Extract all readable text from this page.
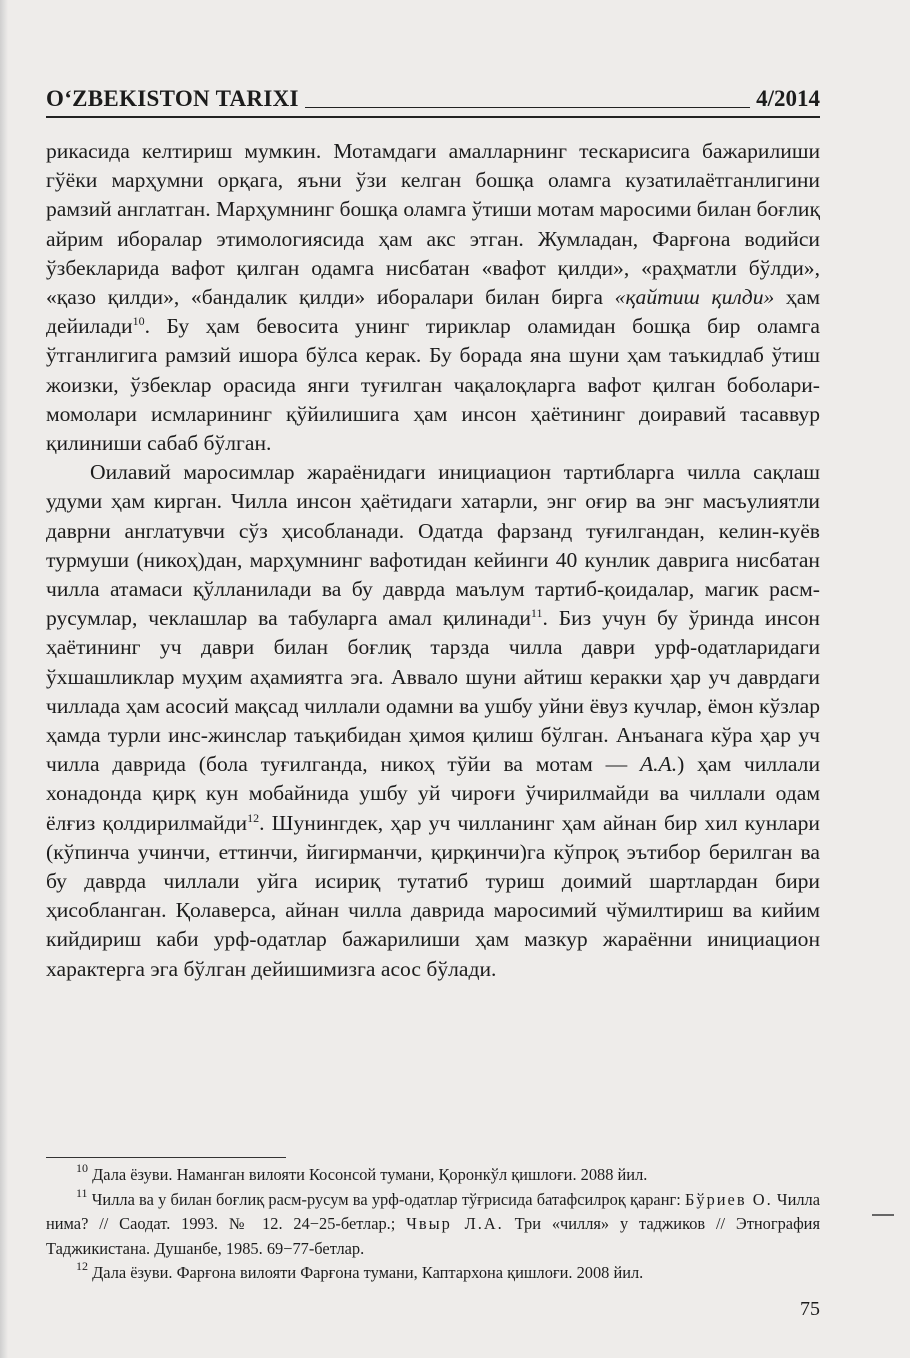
O‘ZBEKISTON TARIXI	4/2014

рикасида келтириш мумкин. Мотамдаги амалларнинг тескарисига бажарилиши гўёки марҳумни орқага, яъни ўзи келган бошқа оламга кузатилаётганлигини рамзий англатган. Марҳумнинг бошқа оламга ўтиши мотам маросими билан боғлиқ айрим иборалар этимологиясида ҳам акс этган. Жумладан, Фарғона водийси ўзбекларида вафот қилган одамга нисбатан «вафот қилди», «раҳматли бўлди», «қазо қилди», «бандалик қилди» иборалари билан бирга «қайтиш қилди» ҳам дейилади$^{10}$. Бу ҳам бевосита унинг тириклар оламидан бошқа бир оламга ўтганлигига рамзий ишора бўлса керак. Бу борада яна шуни ҳам таъкидлаб ўтиш жоизки, ўзбеклар орасида янги туғилган чақалоқларга вафот қилган боболари-момолари исмларининг қўйилишига ҳам инсон ҳаётининг доиравий тасаввур қилиниши сабаб бўлган.

Оилавий маросимлар жараёнидаги инициацион тартибларга чилла сақлаш удуми ҳам кирган. Чилла инсон ҳаётидаги хатарли, энг оғир ва энг масъулиятли даврни англатувчи сўз ҳисобланади. Одатда фарзанд туғилгандан, келин-куёв турмуши (никоҳ)дан, марҳумнинг вафотидан кейинги 40 кунлик даврига нисбатан чилла атамаси қўлланилади ва бу даврда маълум тартиб-қоидалар, магик расм-русумлар, чеклашлар ва табуларга амал қилинади$^{11}$. Биз учун бу ўринда инсон ҳаётининг уч даври билан боғлиқ тарзда чилла даври урф-одатларидаги ўхшашликлар муҳим аҳамиятга эга. Аввало шуни айтиш керакки ҳар уч даврдаги чиллада ҳам асосий мақсад чиллали одамни ва ушбу уйни ёвуз кучлар, ёмон кўзлар ҳамда турли инс-жинслар таъқибидан ҳимоя қилиш бўлган. Анъанага кўра ҳар уч чилла даврида (бола туғилганда, никоҳ тўйи ва мотам — А.А.) ҳам чиллали хонадонда қирқ кун мобайнида ушбу уй чироғи ўчирилмайди ва чиллали одам ёлғиз қолдирилмайди$^{12}$. Шунингдек, ҳар уч чилланинг ҳам айнан бир хил кунлари (кўпинча учинчи, еттинчи, йигирманчи, қирқинчи)га кўпроқ эътибор берилган ва бу даврда чиллали уйга исириқ тутатиб туриш доимий шартлардан бири ҳисобланган. Қолаверса, айнан чилла даврида маросимий чўмилтириш ва кийим кийдириш каби урф-одатлар бажарилиши ҳам мазкур жараённи инициацион характерга эга бўлган дейишимизга асос бўлади.

$^{10}$ Дала ёзуви. Наманган вилояти Косонсой тумани, Қоронкўл қишлоғи. 2088 йил.

$^{11}$ Чилла ва у билан боғлиқ расм-русум ва урф-одатлар тўғрисида батафсилроқ қаранг: Бўриев О. Чилла нима? // Саодат. 1993. № 12. 24−25-бетлар.; Чвыр Л.А. Три «чилля» у таджиков // Этнография Таджикистана. Душанбе, 1985. 69−77-бетлар.

$^{12}$ Дала ёзуви. Фарғона вилояти Фарғона тумани, Каптархона қишлоғи. 2008 йил.

75
